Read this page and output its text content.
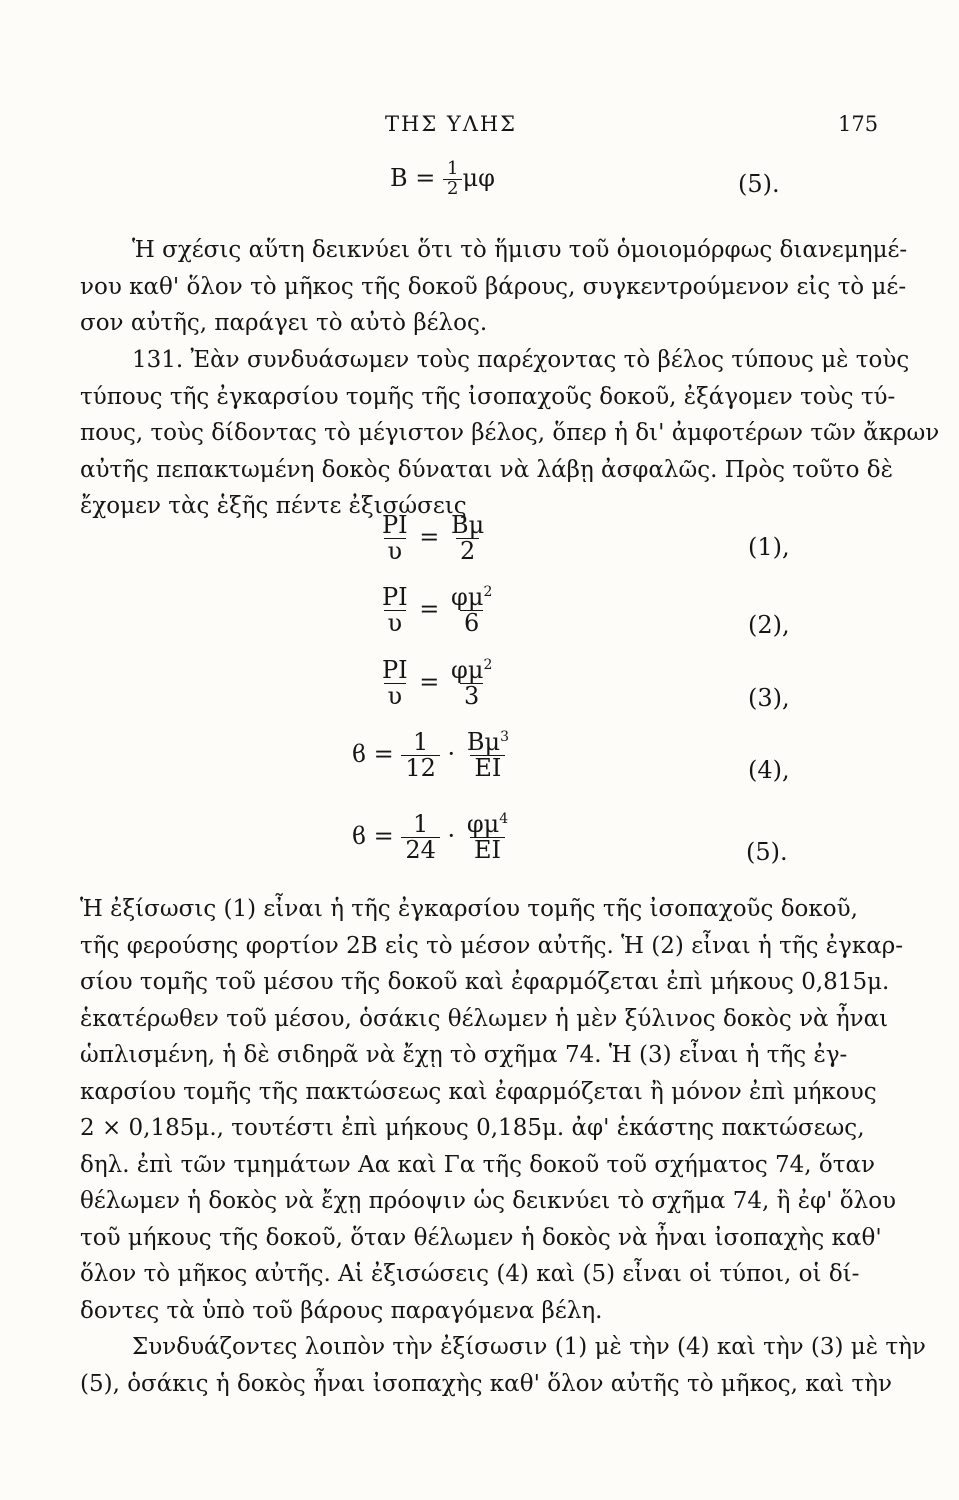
ΤΗΣ ΥΛΗΣ	175
$B = \frac{1}{2}$ μφ	(5).
Ἡ σχέσις αὕτη δεικνύει ὅτι τὸ ἥμισυ τοῦ ὁμοιομόρφως διανεμημέ-
νου καθ' ὅλον τὸ μῆκος τῆς δοκοῦ βάρους, συγκεντρούμενον εἰς τὸ μέ-
σον αὐτῆς, παράγει τὸ αὐτὸ βέλος.
131. Ἐὰν συνδυάσωμεν τοὺς παρέχοντας τὸ βέλος τύπους μὲ τοὺς
τύπους τῆς ἐγκαρσίου τομῆς τῆς ἰσοπαχοῦς δοκοῦ, ἐξάγομεν τοὺς τύ-
πους, τοὺς δίδοντας τὸ μέγιστον βέλος, ὅπερ ἡ δι' ἀμφοτέρων τῶν ἄκρων
αὐτῆς πεπακτωμένη δοκὸς δύναται νὰ λάβῃ ἀσφαλῶς. Πρὸς τοῦτο δὲ
ἔχομεν τὰς ἑξῆς πέντε ἐξισώσεις
$\frac{PI}{\upsilon} = \frac{B\mu}{2}$	(1),
$\frac{PI}{\upsilon} = \frac{\varphi\mu^2}{6}$	(2),
$\frac{PI}{\upsilon} = \frac{\varphi\mu^2}{3}$	(3),
$ϐ = \frac{1}{12} \cdot \frac{B\mu^3}{EI}$	(4),
$ϐ = \frac{1}{24} \cdot \frac{\varphi\mu^4}{EI}$	(5).
Ἡ ἐξίσωσις (1) εἶναι ἡ τῆς ἐγκαρσίου τομῆς τῆς ἰσοπαχοῦς δοκοῦ,
τῆς φερούσης φορτίον 2B εἰς τὸ μέσον αὐτῆς. Ἡ (2) εἶναι ἡ τῆς ἐγκαρ-
σίου τομῆς τοῦ μέσου τῆς δοκοῦ καὶ ἐφαρμόζεται ἐπὶ μήκους 0,815μ.
ἑκατέρωθεν τοῦ μέσου, ὁσάκις θέλωμεν ἡ μὲν ξύλινος δοκὸς νὰ ἦναι
ὡπλισμένη, ἡ δὲ σιδηρᾶ νὰ ἔχῃ τὸ σχῆμα 74. Ἡ (3) εἶναι ἡ τῆς ἐγ-
καρσίου τομῆς τῆς πακτώσεως καὶ ἐφαρμόζεται ἢ μόνον ἐπὶ μήκους
2 × 0,185μ., τουτέστι ἐπὶ μήκους 0,185μ. ἀφ' ἑκάστης πακτώσεως,
δηλ. ἐπὶ τῶν τμημάτων Αα καὶ Γα τῆς δοκοῦ τοῦ σχήματος 74, ὅταν
θέλωμεν ἡ δοκὸς νὰ ἔχῃ πρόοψιν ὡς δεικνύει τὸ σχῆμα 74, ἢ ἐφ' ὅλου
τοῦ μήκους τῆς δοκοῦ, ὅταν θέλωμεν ἡ δοκὸς νὰ ἦναι ἰσοπαχὴς καθ'
ὅλον τὸ μῆκος αὐτῆς. Αἱ ἐξισώσεις (4) καὶ (5) εἶναι οἱ τύποι, οἱ δί-
δοντες τὰ ὑπὸ τοῦ βάρους παραγόμενα βέλη.
Συνδυάζοντες λοιπὸν τὴν ἐξίσωσιν (1) μὲ τὴν (4) καὶ τὴν (3) μὲ τὴν
(5), ὁσάκις ἡ δοκὸς ἦναι ἰσοπαχὴς καθ' ὅλον αὐτῆς τὸ μῆκος, καὶ τὴν
